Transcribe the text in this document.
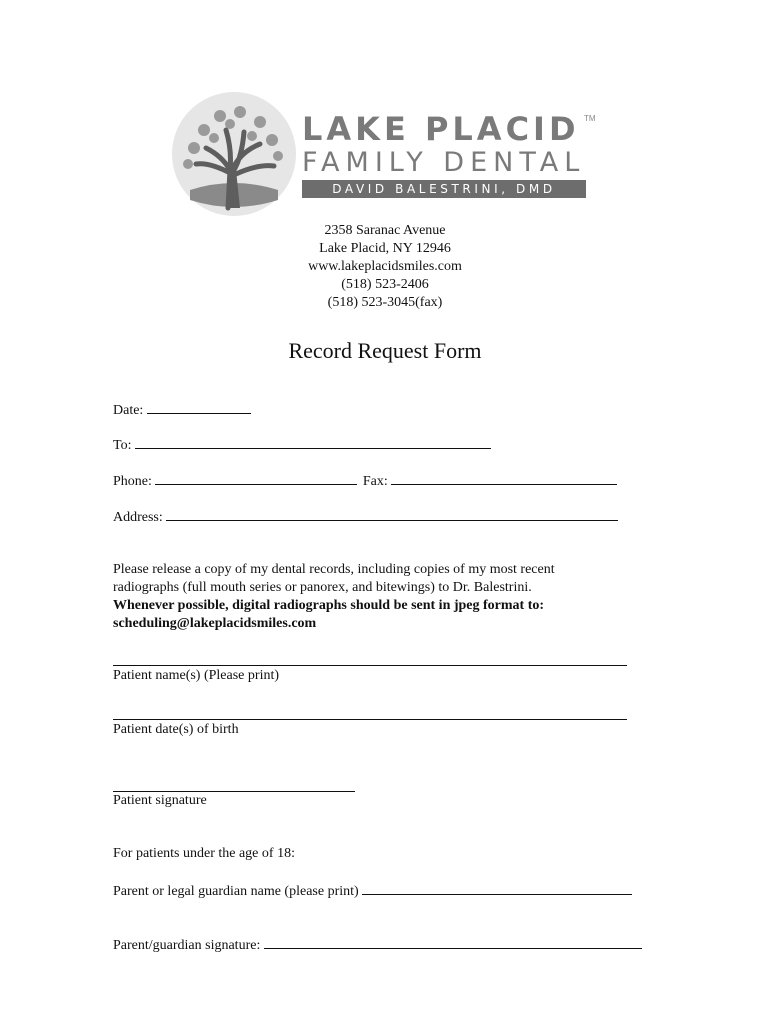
LAKE PLACID TM
FAMILY DENTAL
DAVID BALESTRINI, DMD
2358 Saranac Avenue
Lake Placid, NY 12946
www.lakeplacidsmiles.com
(518) 523-2406
(518) 523-3045(fax)
Record Request Form
Date:
To:
Phone:	Fax:
Address:
Please release a copy of my dental records, including copies of my most recent
radiographs (full mouth series or panorex, and bitewings) to Dr. Balestrini.
Whenever possible, digital radiographs should be sent in jpeg format to:
scheduling@lakeplacidsmiles.com
Patient name(s) (Please print)
Patient date(s) of birth
Patient signature
For patients under the age of 18:
Parent or legal guardian name (please print)
Parent/guardian signature:
